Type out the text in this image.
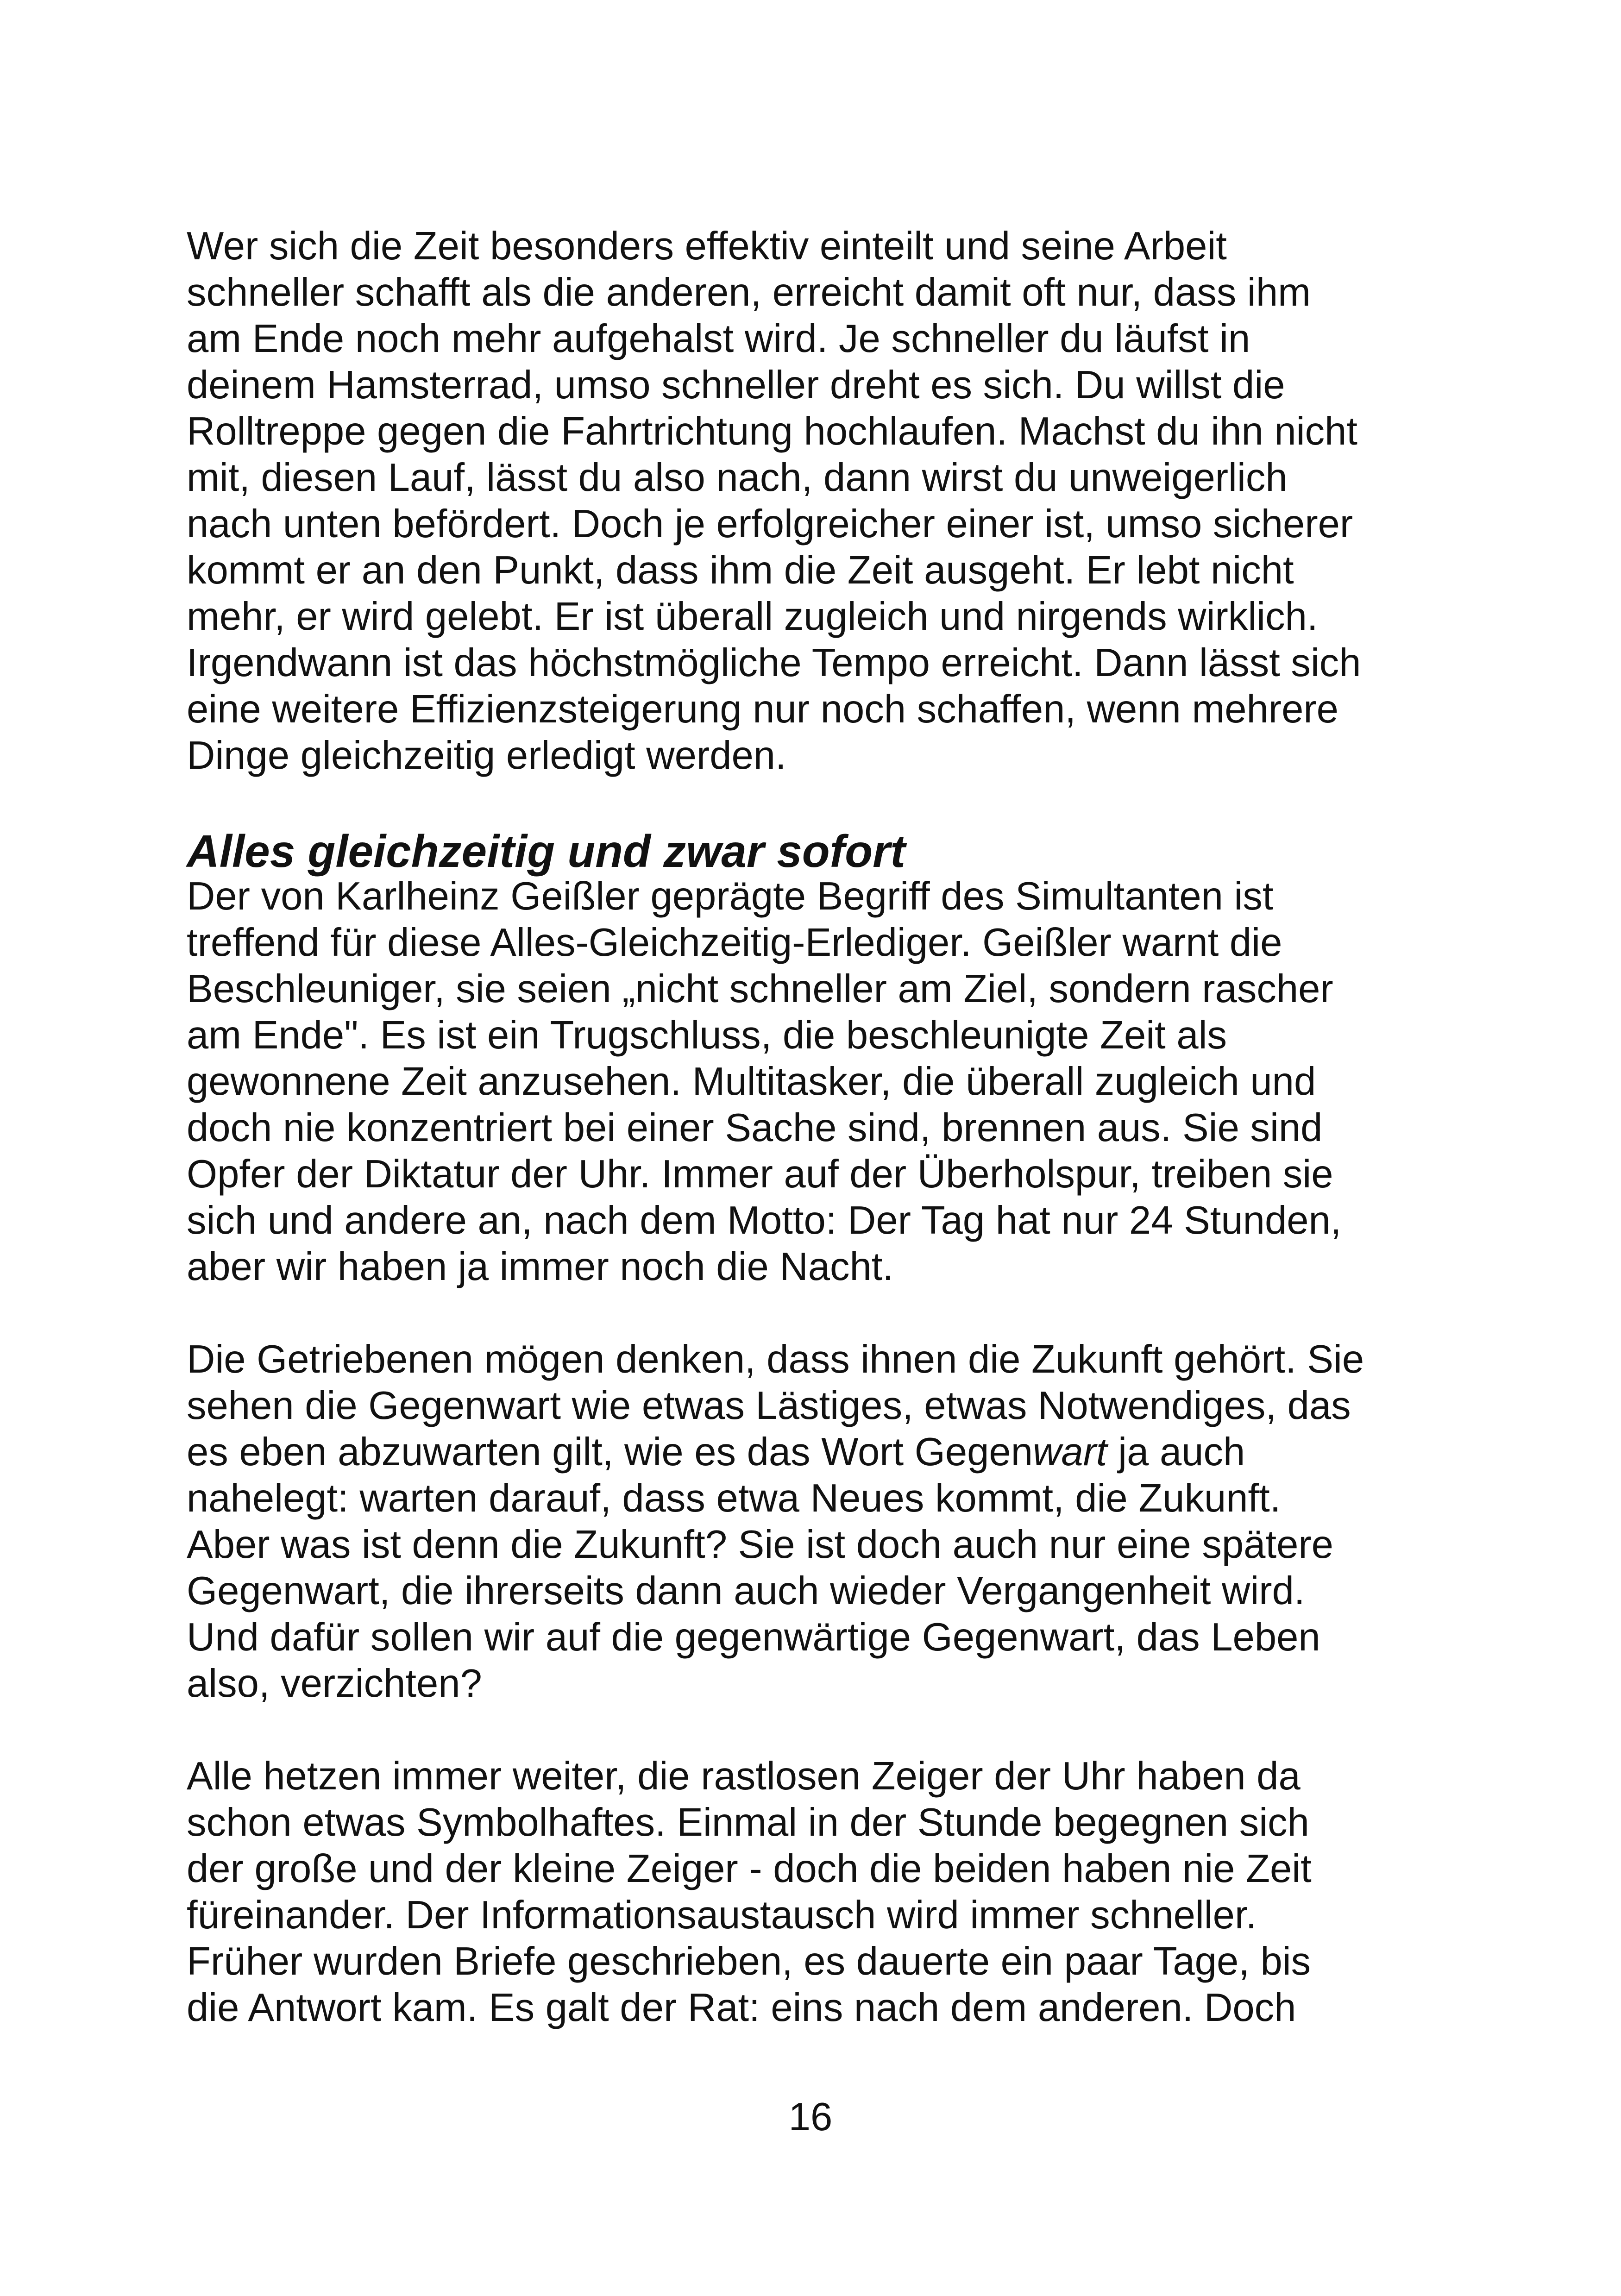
Wer sich die Zeit besonders effektiv einteilt und seine Arbeit
schneller schafft als die anderen, erreicht damit oft nur, dass ihm
am Ende noch mehr aufgehalst wird. Je schneller du läufst in
deinem Hamsterrad, umso schneller dreht es sich. Du willst die
Rolltreppe gegen die Fahrtrichtung hochlaufen. Machst du ihn nicht
mit, diesen Lauf, lässt du also nach, dann wirst du unweigerlich
nach unten befördert. Doch je erfolgreicher einer ist, umso sicherer
kommt er an den Punkt, dass ihm die Zeit ausgeht. Er lebt nicht
mehr, er wird gelebt. Er ist überall zugleich und nirgends wirklich.
Irgendwann ist das höchstmögliche Tempo erreicht. Dann lässt sich
eine weitere Effizienzsteigerung nur noch schaffen, wenn mehrere
Dinge gleichzeitig erledigt werden.

Alles gleichzeitig und zwar sofort

Der von Karlheinz Geißler geprägte Begriff des Simultanten ist
treffend für diese Alles-Gleichzeitig-Erlediger. Geißler warnt die
Beschleuniger, sie seien „nicht schneller am Ziel, sondern rascher
am Ende". Es ist ein Trugschluss, die beschleunigte Zeit als
gewonnene Zeit anzusehen. Multitasker, die überall zugleich und
doch nie konzentriert bei einer Sache sind, brennen aus. Sie sind
Opfer der Diktatur der Uhr. Immer auf der Überholspur, treiben sie
sich und andere an, nach dem Motto: Der Tag hat nur 24 Stunden,
aber wir haben ja immer noch die Nacht.

Die Getriebenen mögen denken, dass ihnen die Zukunft gehört. Sie
sehen die Gegenwart wie etwas Lästiges, etwas Notwendiges, das
es eben abzuwarten gilt, wie es das Wort Gegenwart ja auch
nahelegt: warten darauf, dass etwa Neues kommt, die Zukunft.
Aber was ist denn die Zukunft? Sie ist doch auch nur eine spätere
Gegenwart, die ihrerseits dann auch wieder Vergangenheit wird.
Und dafür sollen wir auf die gegenwärtige Gegenwart, das Leben
also, verzichten?

Alle hetzen immer weiter, die rastlosen Zeiger der Uhr haben da
schon etwas Symbolhaftes. Einmal in der Stunde begegnen sich
der große und der kleine Zeiger - doch die beiden haben nie Zeit
füreinander. Der Informationsaustausch wird immer schneller.
Früher wurden Briefe geschrieben, es dauerte ein paar Tage, bis
die Antwort kam. Es galt der Rat: eins nach dem anderen. Doch

16
